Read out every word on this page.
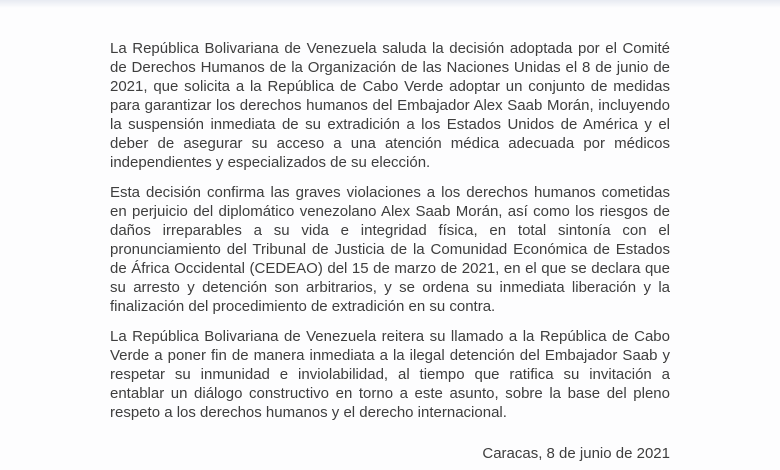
La República Bolivariana de Venezuela saluda la decisión adoptada por el Comité
de Derechos Humanos de la Organización de las Naciones Unidas el 8 de junio de
2021, que solicita a la República de Cabo Verde adoptar un conjunto de medidas
para garantizar los derechos humanos del Embajador Alex Saab Morán, incluyendo
la suspensión inmediata de su extradición a los Estados Unidos de América y el
deber de asegurar su acceso a una atención médica adecuada por médicos
independientes y especializados de su elección.
Esta decisión confirma las graves violaciones a los derechos humanos cometidas
en perjuicio del diplomático venezolano Alex Saab Morán, así como los riesgos de
daños irreparables a su vida e integridad física, en total sintonía con el
pronunciamiento del Tribunal de Justicia de la Comunidad Económica de Estados
de África Occidental (CEDEAO) del 15 de marzo de 2021, en el que se declara que
su arresto y detención son arbitrarios, y se ordena su inmediata liberación y la
finalización del procedimiento de extradición en su contra.
La República Bolivariana de Venezuela reitera su llamado a la República de Cabo
Verde a poner fin de manera inmediata a la ilegal detención del Embajador Saab y
respetar su inmunidad e inviolabilidad, al tiempo que ratifica su invitación a
entablar un diálogo constructivo en torno a este asunto, sobre la base del pleno
respeto a los derechos humanos y el derecho internacional.
Caracas, 8 de junio de 2021
